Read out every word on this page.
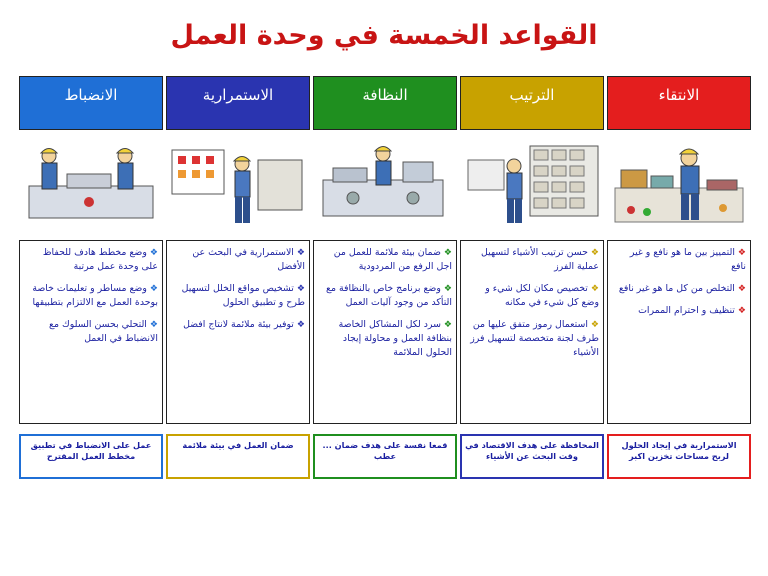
القواعد الخمسة في وحدة العمل
الانتقاء
الترتيب
النظافة
الاستمرارية
الانضباط

❖التمييز بين ما هو نافع و غير نافع

❖التخلص من كل ما هو غير نافع

❖تنظيف و احترام الممرات

❖حسن ترتيب الأشياء لتسهيل عملية الفرز

❖تخصيص مكان لكل شيء و وضع كل شيء في مكانه

❖استعمال رموز متفق عليها من طرف لجنة متخصصة لتسهيل فرز الأشياء

❖ضمان بيئة ملائمة للعمل من اجل الرفع من المردودية

❖وضع برنامج خاص بالنظافة مع التأكد من وجود آليات العمل

❖سرد لكل المشاكل الخاصة بنظافة العمل و محاولة إيجاد الحلول الملائمة

❖الاستمرارية في البحث عن الأفضل

❖تشخيص مواقع الخلل لتسهيل طرح و تطبيق الحلول

❖توفير بيئة ملائمة لانتاج افضل

❖وضع مخطط هادف للحفاظ على وحدة عمل مرتبة

❖وضع مساطر و تعليمات خاصة بوحدة العمل مع الالتزام بتطبيقها

❖التحلي بحسن السلوك مع الانضباط في العمل

الاستمرارية في إيجاد الحلول لربح مساحات تخزين اكبر
المحافظة على هدف الاقتصاد في وقت البحث عن الأشياء
قمعا نفسة على هدف ضمان ... عطب
ضمان العمل في بيئة ملائمة
عمل على الانضباط في تطبيق مخطط العمل المقترح
